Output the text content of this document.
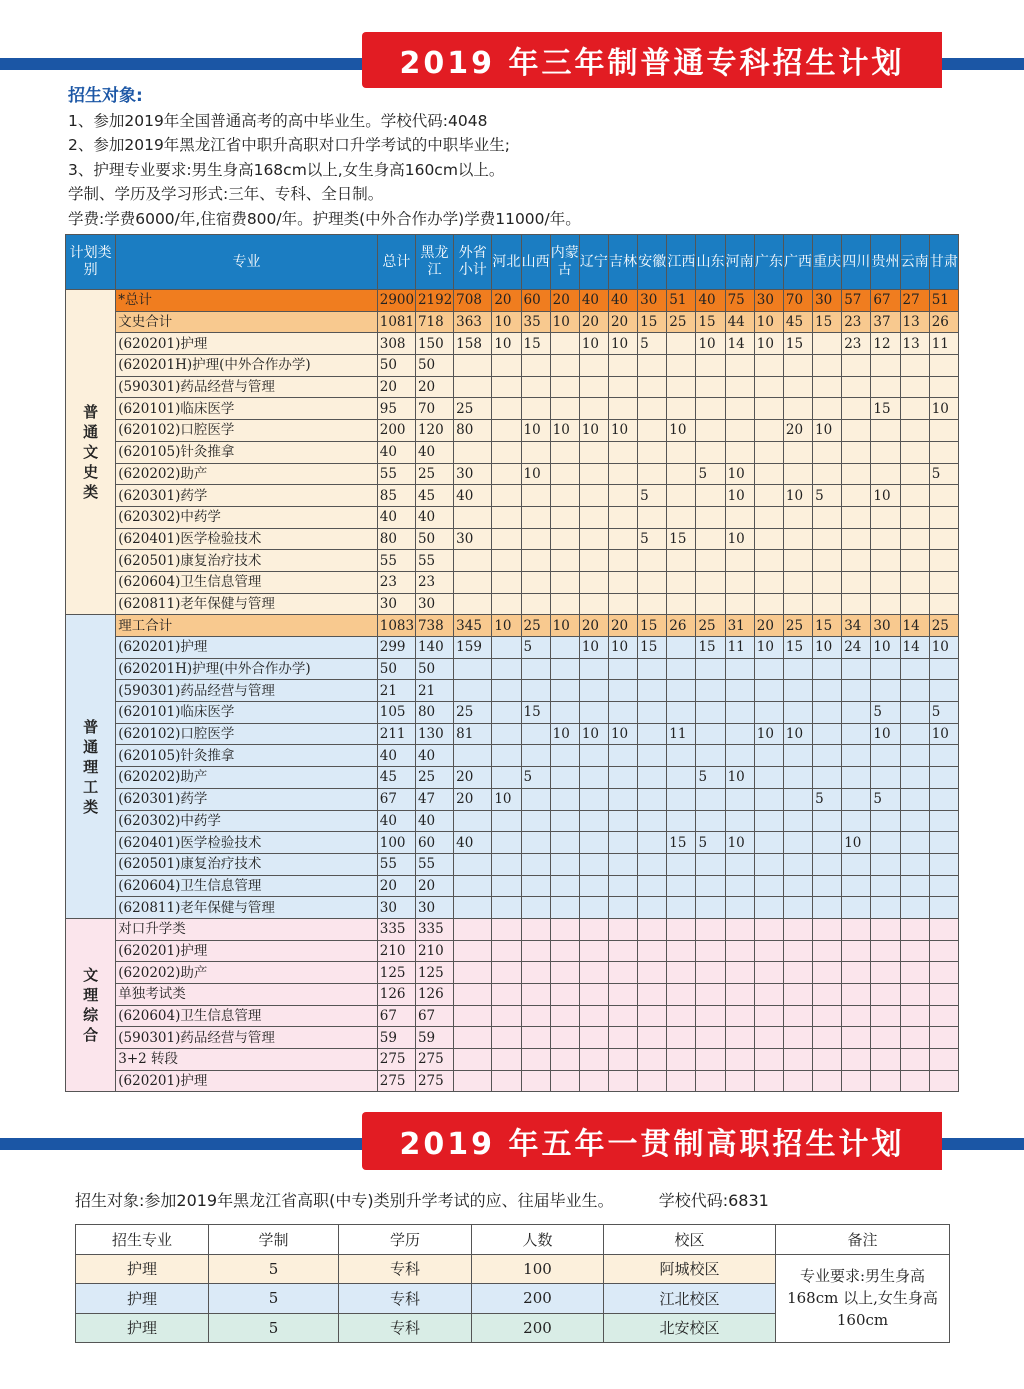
2019 年三年制普通专科招生计划
招生对象:
1、参加2019年全国普通高考的高中毕业生。学校代码:4048
2、参加2019年黑龙江省中职升高职对口升学考试的中职毕业生;
3、护理专业要求:男生身高168cm以上,女生身高160cm以上。
学制、学历及学习形式:三年、专科、全日制。
学费:学费6000/年,住宿费800/年。护理类(中外合作办学)学费11000/年。
计划类别	专业	总计	黑龙江	外省小计	河北	山西	内蒙古	辽宁	吉林	安徽	江西	山东	河南	广东	广西	重庆	四川	贵州	云南	甘肃
普通文史类	*总计	2900	2192	708	20	60	20	40	40	30	51	40	75	30	70	30	57	67	27	51
	文史合计	1081	718	363	10	35	10	20	20	15	25	15	44	10	45	15	23	37	13	26
	(620201)护理	308	150	158	10	15		10	10	5		10	14	10	15		23	12	13	11
	(620201H)护理(中外合作办学)	50	50																	
	(590301)药品经营与管理	20	20																	
	(620101)临床医学	95	70	25														15		10
	(620102)口腔医学	200	120	80		10	10	10	10		10				20	10				
	(620105)针灸推拿	40	40																	
	(620202)助产	55	25	30		10						5	10							5
	(620301)药学	85	45	40						5			10		10	5		10		
	(620302)中药学	40	40																	
	(620401)医学检验技术	80	50	30						5	15		10							
	(620501)康复治疗技术	55	55																	
	(620604)卫生信息管理	23	23																	
	(620811)老年保健与管理	30	30																	
普通理工类	理工合计	1083	738	345	10	25	10	20	20	15	26	25	31	20	25	15	34	30	14	25
	(620201)护理	299	140	159		5		10	10	15		15	11	10	15	10	24	10	14	10
	(620201H)护理(中外合作办学)	50	50																	
	(590301)药品经营与管理	21	21																	
	(620101)临床医学	105	80	25		15												5		5
	(620102)口腔医学	211	130	81			10	10	10		11			10	10			10		10
	(620105)针灸推拿	40	40																	
	(620202)助产	45	25	20		5						5	10							
	(620301)药学	67	47	20	10											5		5		
	(620302)中药学	40	40																	
	(620401)医学检验技术	100	60	40							15	5	10				10			
	(620501)康复治疗技术	55	55																	
	(620604)卫生信息管理	20	20																	
	(620811)老年保健与管理	30	30																	
文理综合	对口升学类	335	335																	
	(620201)护理	210	210																	
	(620202)助产	125	125																	
	单独考试类	126	126																	
	(620604)卫生信息管理	67	67																	
	(590301)药品经营与管理	59	59																	
	3+2 转段	275	275																	
	(620201)护理	275	275																	
2019 年五年一贯制高职招生计划
招生对象:参加2019年黑龙江省高职(中专)类别升学考试的应、往届毕业生。	学校代码:6831
招生专业	学制	学历	人数	校区	备注
护理	5	专科	100	阿城校区	专业要求:男生身高168cm 以上,女生身高 160cm
护理	5	专科	200	江北校区	
护理	5	专科	200	北安校区	
